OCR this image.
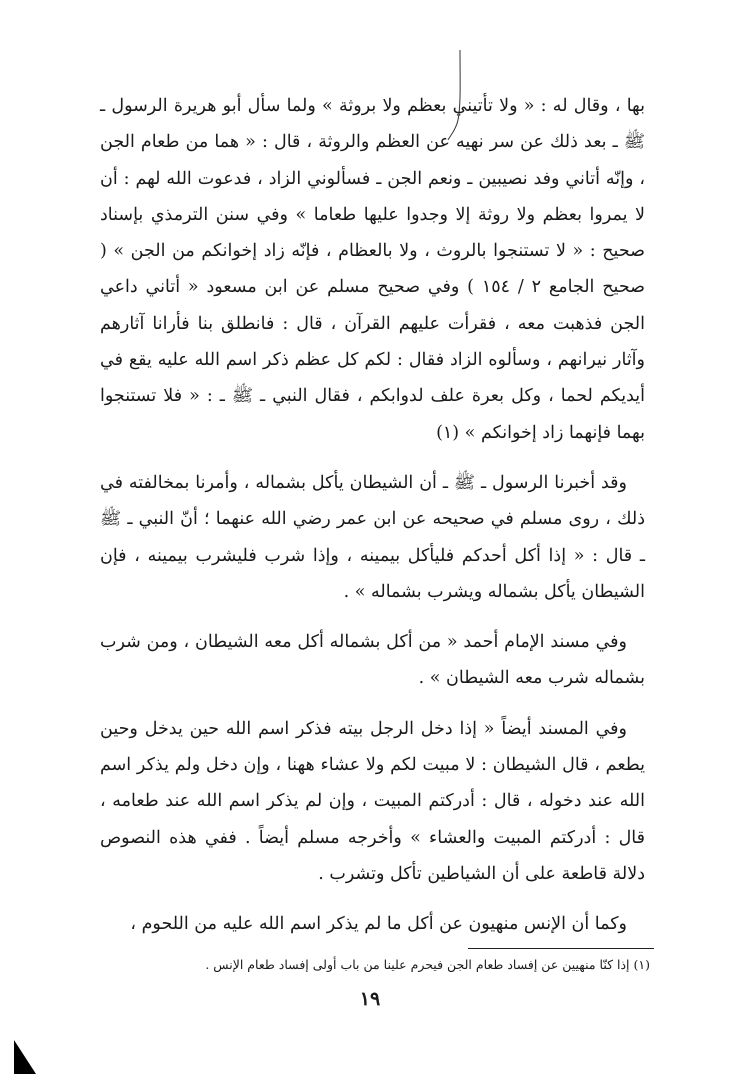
بها ، وقال له : « ولا تأتيني بعظم ولا بروثة » ولما سأل أبو هريرة الرسول ـ ﷺ ـ بعد ذلك عن سر نهيه عن العظم والروثة ، قال : « هما من طعام الجن ، وإنّه أتاني وفد نصيبين ـ ونعم الجن ـ فسألوني الزاد ، فدعوت الله لهم : أن لا يمروا بعظم ولا روثة إلا وجدوا عليها طعاما » وفي سنن الترمذي بإسناد صحيح : « لا تستنجوا بالروث ، ولا بالعظام ، فإنّه زاد إخوانكم من الجن » ( صحيح الجامع ٢ / ١٥٤ ) وفي صحيح مسلم عن ابن مسعود « أتاني داعي الجن فذهبت معه ، فقرأت عليهم القرآن ، قال : فانطلق بنا فأرانا آثارهم وآثار نيرانهم ، وسألوه الزاد فقال : لكم كل عظم ذكر اسم الله عليه يقع في أيديكم لحما ، وكل بعرة علف لدوابكم ، فقال النبي ـ ﷺ ـ : « فلا تستنجوا بهما فإنهما زاد إخوانكم » (١)

وقد أخبرنا الرسول ـ ﷺ ـ أن الشيطان يأكل بشماله ، وأمرنا بمخالفته في ذلك ، روى مسلم في صحيحه عن ابن عمر رضي الله عنهما ؛ أنّ النبي ـ ﷺ ـ قال : « إذا أكل أحدكم فليأكل بيمينه ، وإذا شرب فليشرب بيمينه ، فإن الشيطان يأكل بشماله ويشرب بشماله » .

وفي مسند الإمام أحمد « من أكل بشماله أكل معه الشيطان ، ومن شرب بشماله شرب معه الشيطان » .

وفي المسند أيضاً « إذا دخل الرجل بيته فذكر اسم الله حين يدخل وحين يطعم ، قال الشيطان : لا مبيت لكم ولا عشاء ههنا ، وإن دخل ولم يذكر اسم الله عند دخوله ، قال : أدركتم المبيت ، وإن لم يذكر اسم الله عند طعامه ، قال : أدركتم المبيت والعشاء » وأخرجه مسلم أيضاً . ففي هذه النصوص دلالة قاطعة على أن الشياطين تأكل وتشرب .

وكما أن الإنس منهيون عن أكل ما لم يذكر اسم الله عليه من اللحوم ،

(١) إذا كنّا منهيين عن إفساد طعام الجن فيحرم علينا من باب أولى إفساد طعام الإنس .
١٩
